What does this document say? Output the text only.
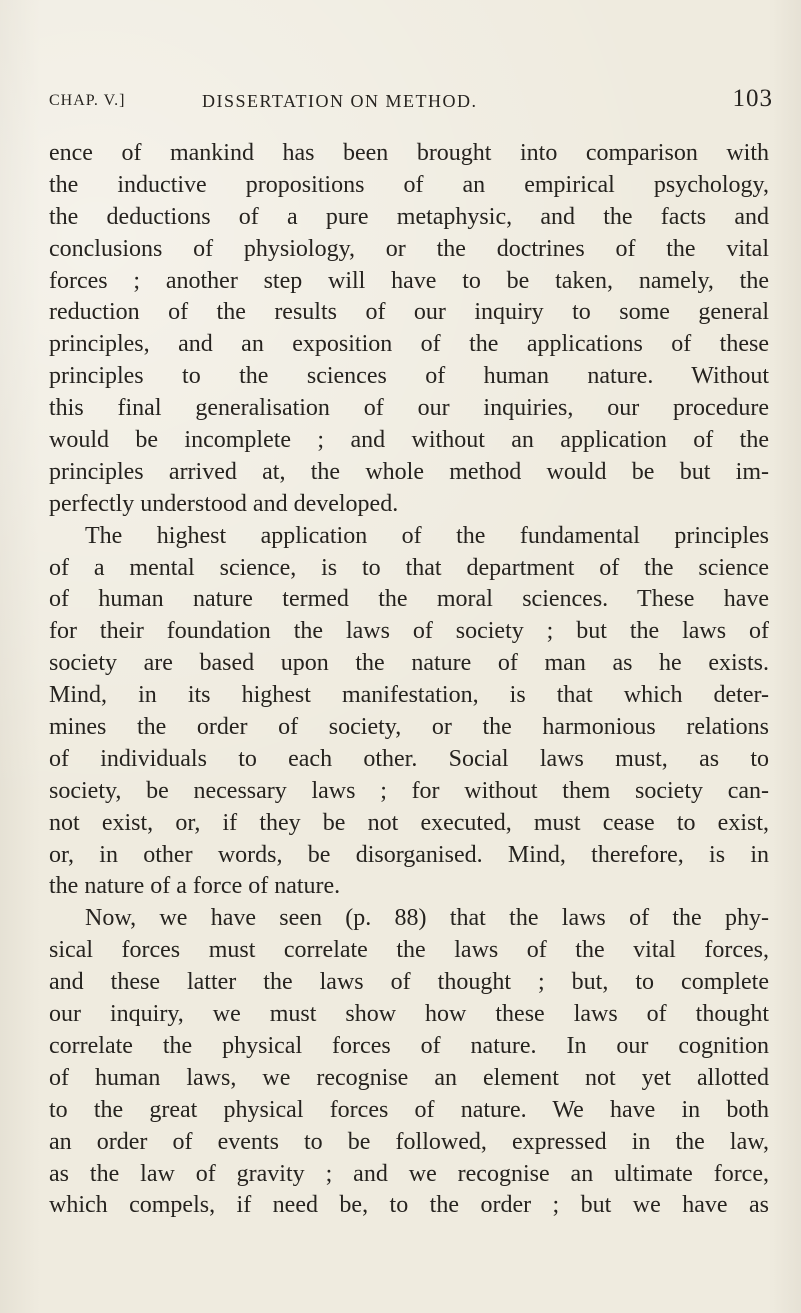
CHAP. V.]	DISSERTATION ON METHOD.	103
ence of mankind has been brought into comparison with
the inductive propositions of an empirical psychology,
the deductions of a pure metaphysic, and the facts and
conclusions of physiology, or the doctrines of the vital
forces ; another step will have to be taken, namely, the
reduction of the results of our inquiry to some general
principles, and an exposition of the applications of these
principles to the sciences of human nature. Without
this final generalisation of our inquiries, our procedure
would be incomplete ; and without an application of the
principles arrived at, the whole method would be but im-
perfectly understood and developed.
The highest application of the fundamental principles
of a mental science, is to that department of the science
of human nature termed the moral sciences. These have
for their foundation the laws of society ; but the laws of
society are based upon the nature of man as he exists.
Mind, in its highest manifestation, is that which deter-
mines the order of society, or the harmonious relations
of individuals to each other. Social laws must, as to
society, be necessary laws ; for without them society can-
not exist, or, if they be not executed, must cease to exist,
or, in other words, be disorganised. Mind, therefore, is in
the nature of a force of nature.
Now, we have seen (p. 88) that the laws of the phy-
sical forces must correlate the laws of the vital forces,
and these latter the laws of thought ; but, to complete
our inquiry, we must show how these laws of thought
correlate the physical forces of nature. In our cognition
of human laws, we recognise an element not yet allotted
to the great physical forces of nature. We have in both
an order of events to be followed, expressed in the law,
as the law of gravity ; and we recognise an ultimate force,
which compels, if need be, to the order ; but we have as
